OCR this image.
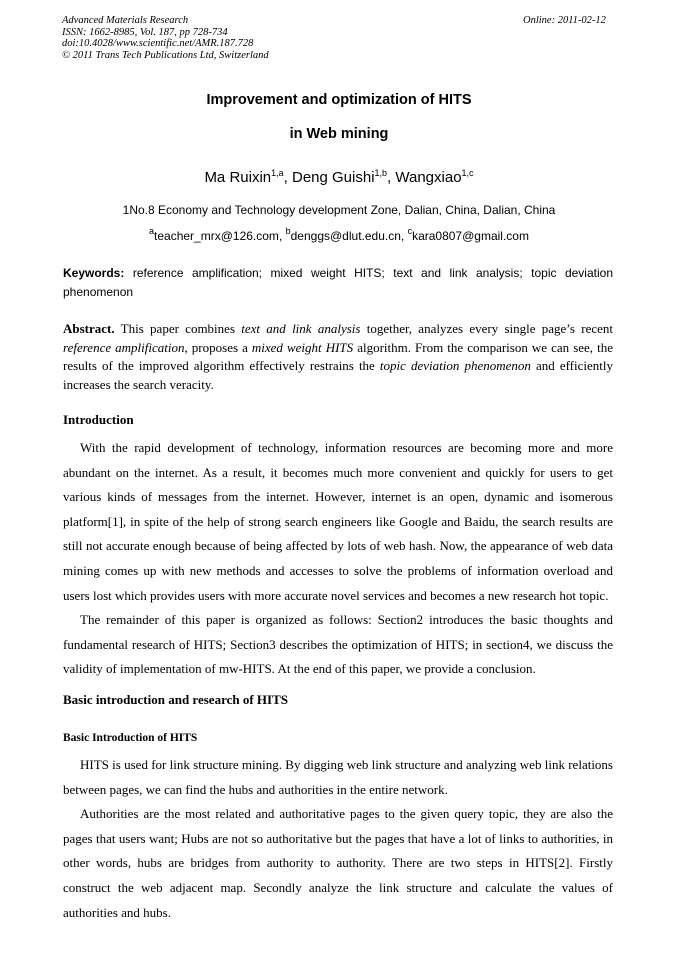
Advanced Materials Research
ISSN: 1662-8985, Vol. 187, pp 728-734
doi:10.4028/www.scientific.net/AMR.187.728
© 2011 Trans Tech Publications Ltd, Switzerland
Online: 2011-02-12
Improvement and optimization of HITS
in Web mining
Ma Ruixin$^{1,a}$, Deng Guishi$^{1,b}$, Wangxiao$^{1,c}$
1No.8 Economy and Technology development Zone, Dalian, China, Dalian, China
$^a$teacher_mrx@126.com, $^b$denggs@dlut.edu.cn, $^c$kara0807@gmail.com
Keywords: reference amplification; mixed weight HITS; text and link analysis; topic deviation phenomenon
Abstract. This paper combines text and link analysis together, analyzes every single page’s recent reference amplification, proposes a mixed weight HITS algorithm. From the comparison we can see, the results of the improved algorithm effectively restrains the topic deviation phenomenon and efficiently increases the search veracity.
Introduction

With the rapid development of technology, information resources are becoming more and more abundant on the internet. As a result, it becomes much more convenient and quickly for users to get various kinds of messages from the internet. However, internet is an open, dynamic and isomerous platform[1], in spite of the help of strong search engineers like Google and Baidu, the search results are still not accurate enough because of being affected by lots of web hash. Now, the appearance of web data mining comes up with new methods and accesses to solve the problems of information overload and users lost which provides users with more accurate novel services and becomes a new research hot topic.

The remainder of this paper is organized as follows: Section2 introduces the basic thoughts and fundamental research of HITS; Section3 describes the optimization of HITS; in section4, we discuss the validity of implementation of mw-HITS. At the end of this paper, we provide a conclusion.

Basic introduction and research of HITS
Basic Introduction of HITS

HITS is used for link structure mining. By digging web link structure and analyzing web link relations between pages, we can find the hubs and authorities in the entire network.

Authorities are the most related and authoritative pages to the given query topic, they are also the pages that users want; Hubs are not so authoritative but the pages that have a lot of links to authorities, in other words, hubs are bridges from authority to authority. There are two steps in HITS[2]. Firstly construct the web adjacent map. Secondly analyze the link structure and calculate the values of authorities and hubs.
